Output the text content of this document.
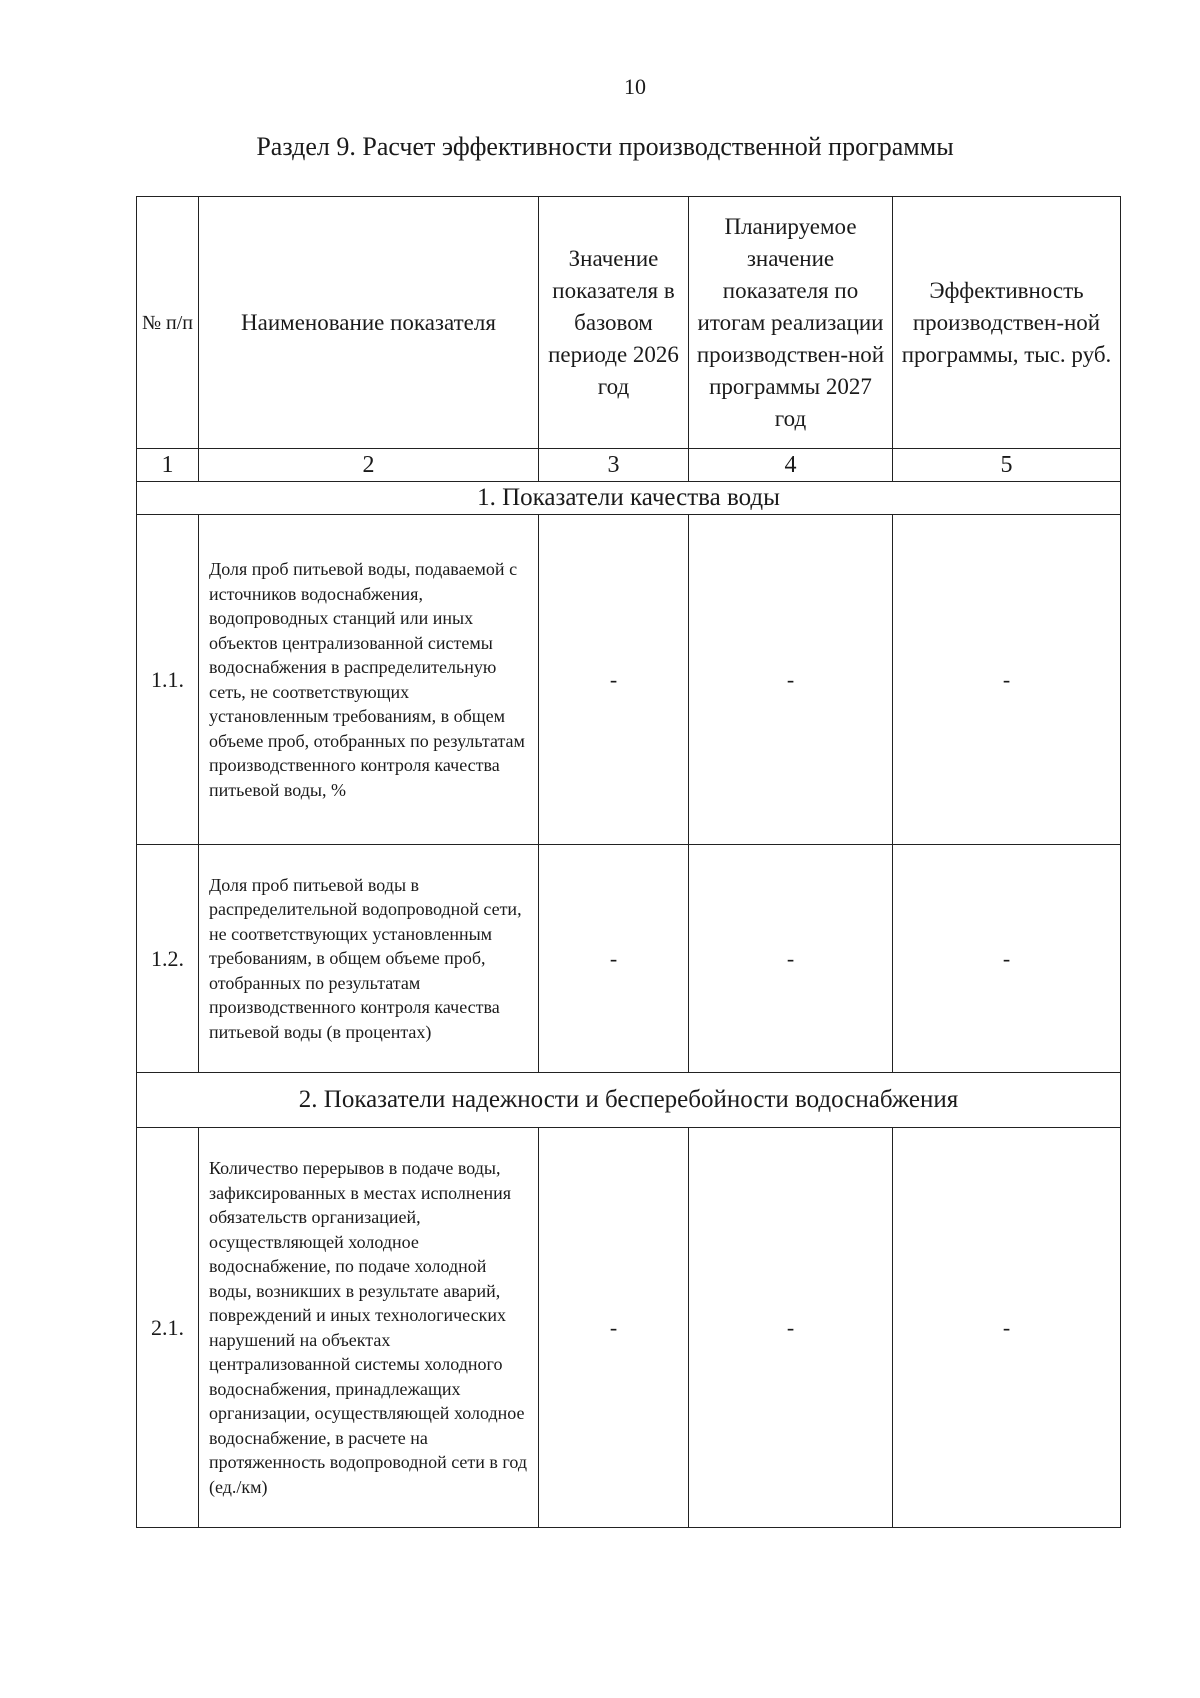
10
Раздел 9. Расчет эффективности производственной программы
№ п/п	Наименование показателя	Значение показателя в базовом периоде 2026 год	Планируемое значение показателя по итогам реализации производствен-ной программы 2027 год	Эффективность производствен-ной программы, тыс. руб.
1	2	3	4	5
1. Показатели качества воды				
1.1.	Доля проб питьевой воды, подаваемой с источников водоснабжения, водопроводных станций или иных объектов централизованной системы водоснабжения в распределительную сеть, не соответствующих установленным требованиям, в общем объеме проб, отобранных по результатам производственного контроля качества питьевой воды, %	-	-	-
1.2.	Доля проб питьевой воды в распределительной водопроводной сети, не соответствующих установленным требованиям, в общем объеме проб, отобранных по результатам производственного контроля качества питьевой воды (в процентах)	-	-	-
2. Показатели надежности и бесперебойности водоснабжения				
2.1.	Количество перерывов в подаче воды, зафиксированных в местах исполнения обязательств организацией, осуществляющей холодное водоснабжение, по подаче холодной воды, возникших в результате аварий, повреждений и иных технологических нарушений на объектах централизованной системы холодного водоснабжения, принадлежащих организации, осуществляющей холодное водоснабжение, в расчете на протяженность водопроводной сети в год (ед./км)	-	-	-
